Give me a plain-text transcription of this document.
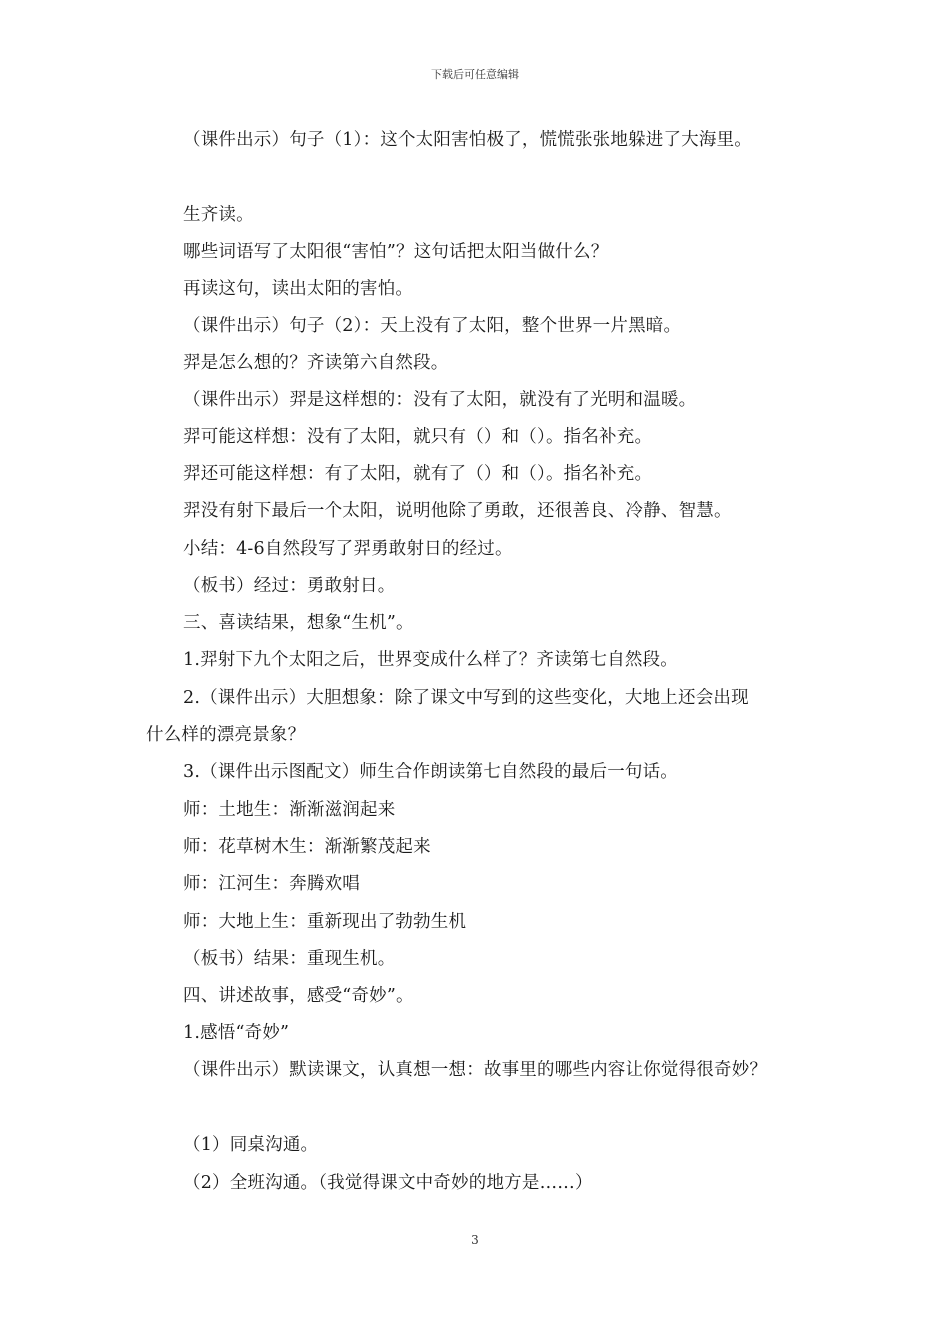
下载后可任意编辑
（课件出示）句子（1）：这个太阳害怕极了，慌慌张张地躲进了大海里。
生齐读。
哪些词语写了太阳很“害怕”？这句话把太阳当做什么？
再读这句，读出太阳的害怕。
（课件出示）句子（2）：天上没有了太阳，整个世界一片黑暗。
羿是怎么想的？齐读第六自然段。
（课件出示）羿是这样想的：没有了太阳，就没有了光明和温暖。
羿可能这样想：没有了太阳，就只有（）和（）。指名补充。
羿还可能这样想：有了太阳，就有了（）和（）。指名补充。
羿没有射下最后一个太阳，说明他除了勇敢，还很善良、冷静、智慧。
小结：4-6自然段写了羿勇敢射日的经过。
（板书）经过：勇敢射日。
三、喜读结果，想象“生机”。
1.羿射下九个太阳之后，世界变成什么样了？齐读第七自然段。
2.（课件出示）大胆想象：除了课文中写到的这些变化，大地上还会出现
什么样的漂亮景象？
3.（课件出示图配文）师生合作朗读第七自然段的最后一句话。
师：土地生：渐渐滋润起来
师：花草树木生：渐渐繁茂起来
师：江河生：奔腾欢唱
师：大地上生：重新现出了勃勃生机
（板书）结果：重现生机。
四、讲述故事，感受“奇妙”。
1.感悟“奇妙”
（课件出示）默读课文，认真想一想：故事里的哪些内容让你觉得很奇妙？
（1）同桌沟通。
（2）全班沟通。（我觉得课文中奇妙的地方是……）
3
